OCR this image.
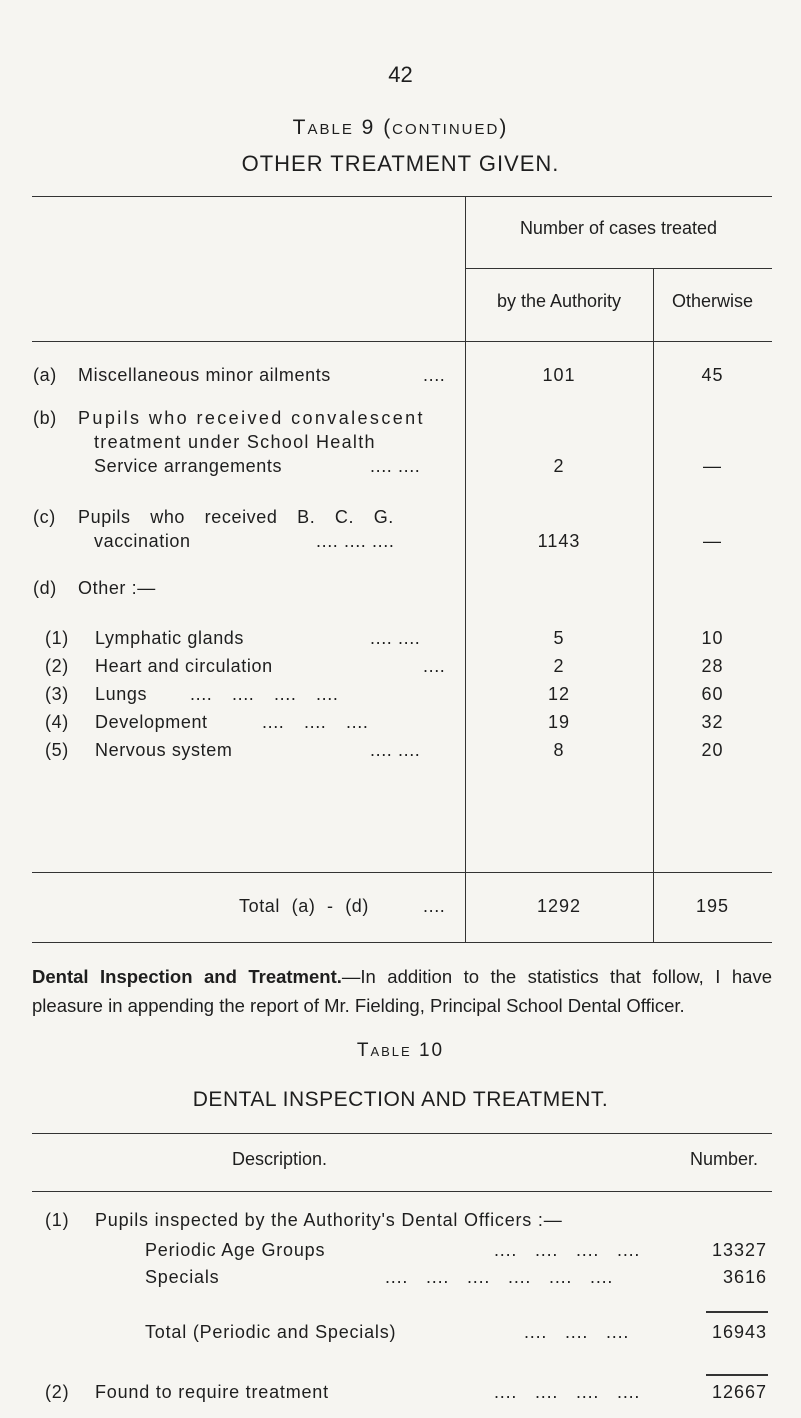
42
Table 9 (continued)
OTHER TREATMENT GIVEN.
Number of cases treated
by the Authority	Otherwise
(a) Miscellaneous minor ailments	....	101	45
(b) Pupils who received convalescent
treatment under School Health
Service arrangements	.... ....	2	—
(c) Pupils who received B. C. G.
vaccination	.... .... ....	1143	—
(d) Other :—
(1) Lymphatic glands	.... ....	5	10
(2) Heart and circulation	....	2	28
(3) Lungs .... .... .... ....	12	60
(4) Development	.... .... ....	19	32
(5) Nervous system	.... ....	8	20
Total (a) - (d)	....	1292	195
Dental Inspection and Treatment.—In addition to the statistics that follow, I have pleasure in appending the report of Mr. Fielding, Principal School Dental Officer.
Table 10
DENTAL INSPECTION AND TREATMENT.
Description.	Number.
(1) Pupils inspected by the Authority's Dental Officers :—
Periodic Age Groups	.... .... .... ....	13327
Specials	.... .... .... .... .... ....	3616
Total (Periodic and Specials)	.... .... ....	16943
(2) Found to require treatment	.... .... .... ....	12667
